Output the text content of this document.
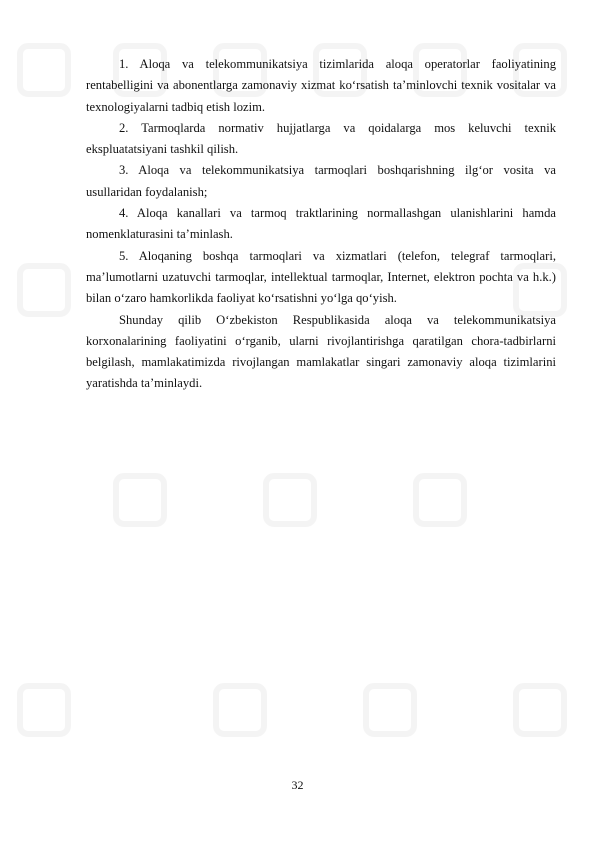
1. Aloqa va telekommunikatsiya tizimlarida aloqa operatorlar faoliyatining rentabelligini va abonentlarga zamonaviy xizmat ko‘rsatish ta’minlovchi texnik vositalar va texnologiyalarni tadbiq etish lozim.

2. Tarmoqlarda normativ hujjatlarga va qoidalarga mos keluvchi texnik ekspluatatsiyani tashkil qilish.

3. Aloqa va telekommunikatsiya tarmoqlari boshqarishning ilg‘or vosita va usullaridan foydalanish;

4. Aloqa kanallari va tarmoq traktlarining normallashgan ulanishlarini hamda nomenklaturasini ta’minlash.

5. Aloqaning boshqa tarmoqlari va xizmatlari (telefon, telegraf tarmoqlari, ma’lumotlarni uzatuvchi tarmoqlar, intellektual tarmoqlar, Internet, elektron pochta va h.k.) bilan o‘zaro hamkorlikda faoliyat ko‘rsatishni yo‘lga qo‘yish.

Shunday qilib O‘zbekiston Respublikasida aloqa va telekommunikatsiya korxonalarining faoliyatini o‘rganib, ularni rivojlantirishga qaratilgan chora-tadbirlarni belgilash, mamlakatimizda rivojlangan mamlakatlar singari zamonaviy aloqa tizimlarini yaratishda ta’minlaydi.

32
